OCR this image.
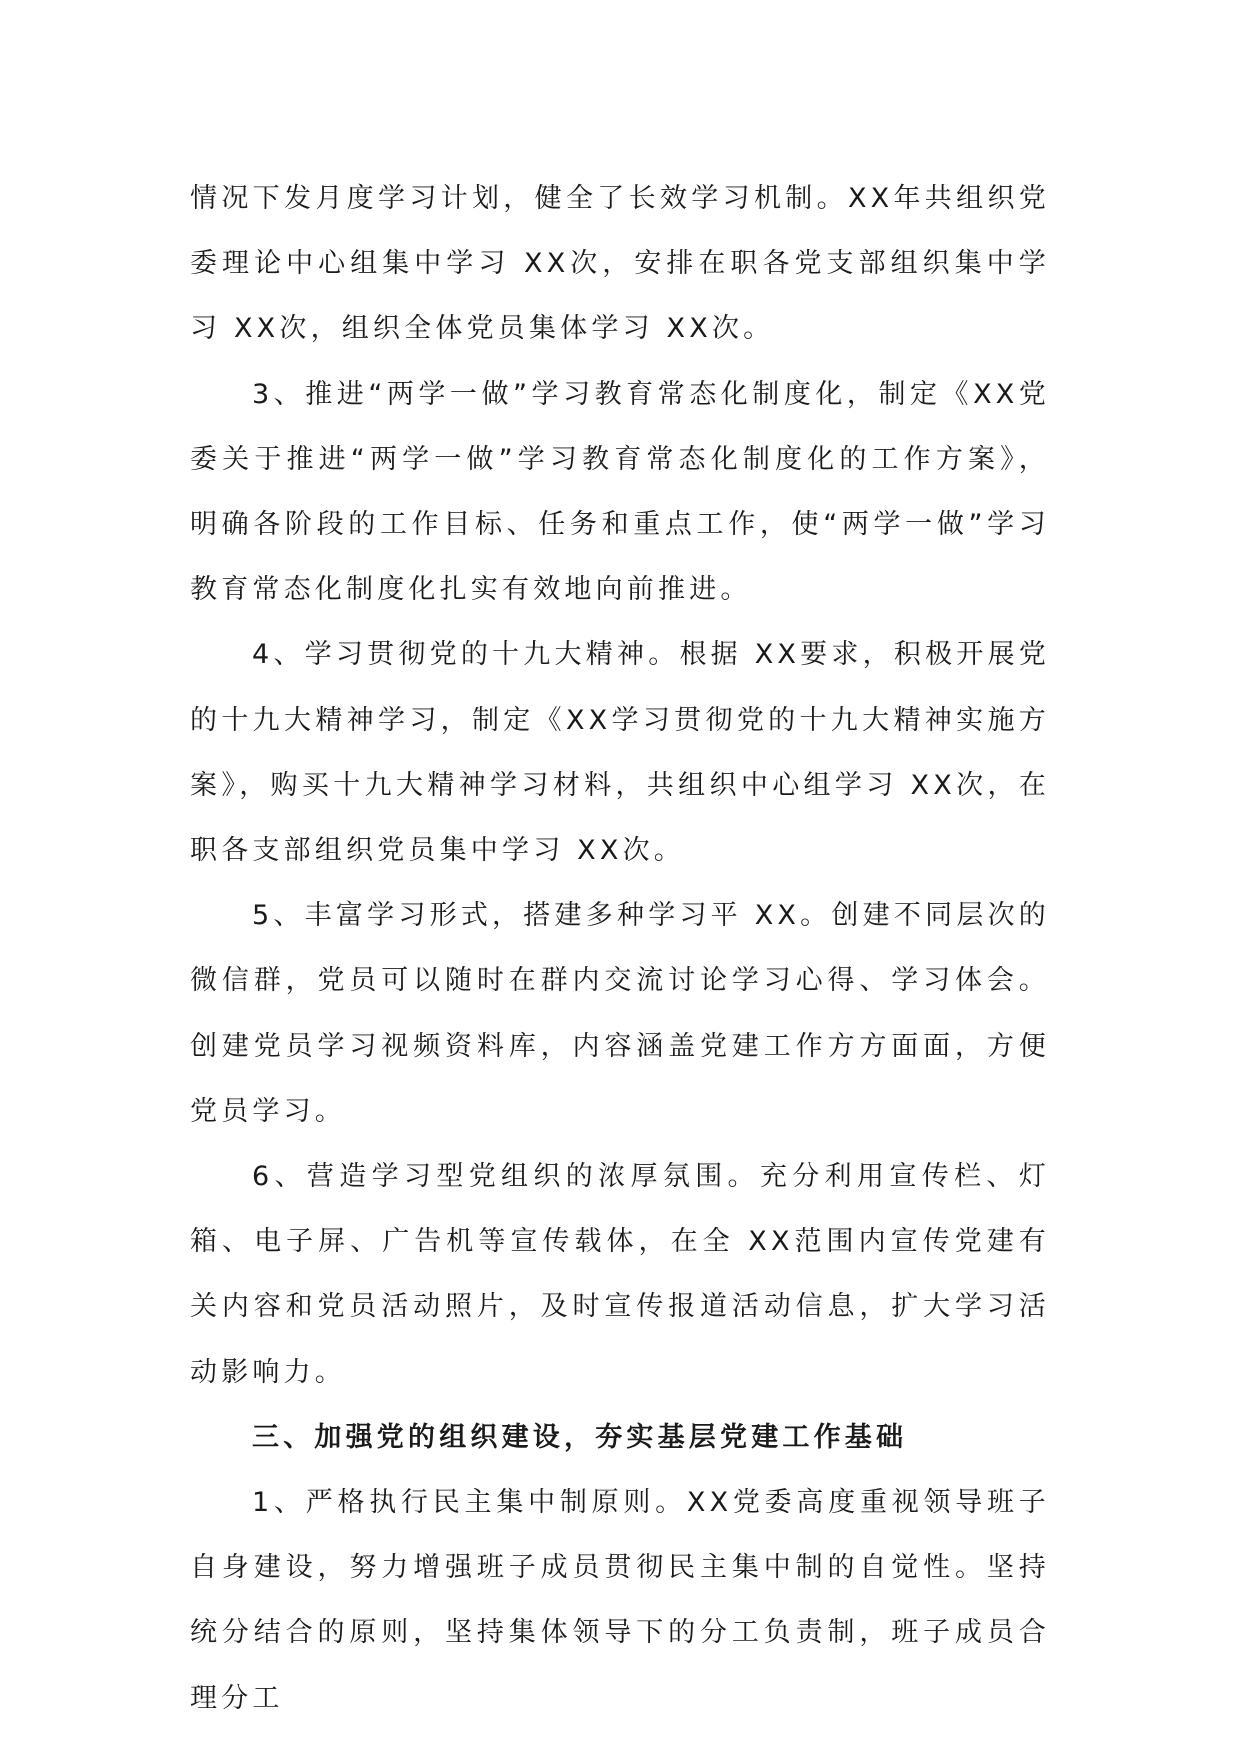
情况下发月度学习计划，健全了长效学习机制。XX年共组织党委理论中心组集中学习 XX次，安排在职各党支部组织集中学习 XX次，组织全体党员集体学习 XX次。

3、推进“两学一做”学习教育常态化制度化，制定《XX党委关于推进“两学一做”学习教育常态化制度化的工作方案》，明确各阶段的工作目标、任务和重点工作，使“两学一做”学习教育常态化制度化扎实有效地向前推进。

4、学习贯彻党的十九大精神。根据 XX要求，积极开展党的十九大精神学习，制定《XX学习贯彻党的十九大精神实施方案》，购买十九大精神学习材料，共组织中心组学习 XX次，在职各支部组织党员集中学习 XX次。

5、丰富学习形式，搭建多种学习平 XX。创建不同层次的微信群，党员可以随时在群内交流讨论学习心得、学习体会。创建党员学习视频资料库，内容涵盖党建工作方方面面，方便党员学习。

6、营造学习型党组织的浓厚氛围。充分利用宣传栏、灯箱、电子屏、广告机等宣传载体，在全 XX范围内宣传党建有关内容和党员活动照片，及时宣传报道活动信息，扩大学习活动影响力。

三、加强党的组织建设，夯实基层党建工作基础

1、严格执行民主集中制原则。XX党委高度重视领导班子自身建设，努力增强班子成员贯彻民主集中制的自觉性。坚持统分结合的原则，坚持集体领导下的分工负责制，班子成员合理分工
